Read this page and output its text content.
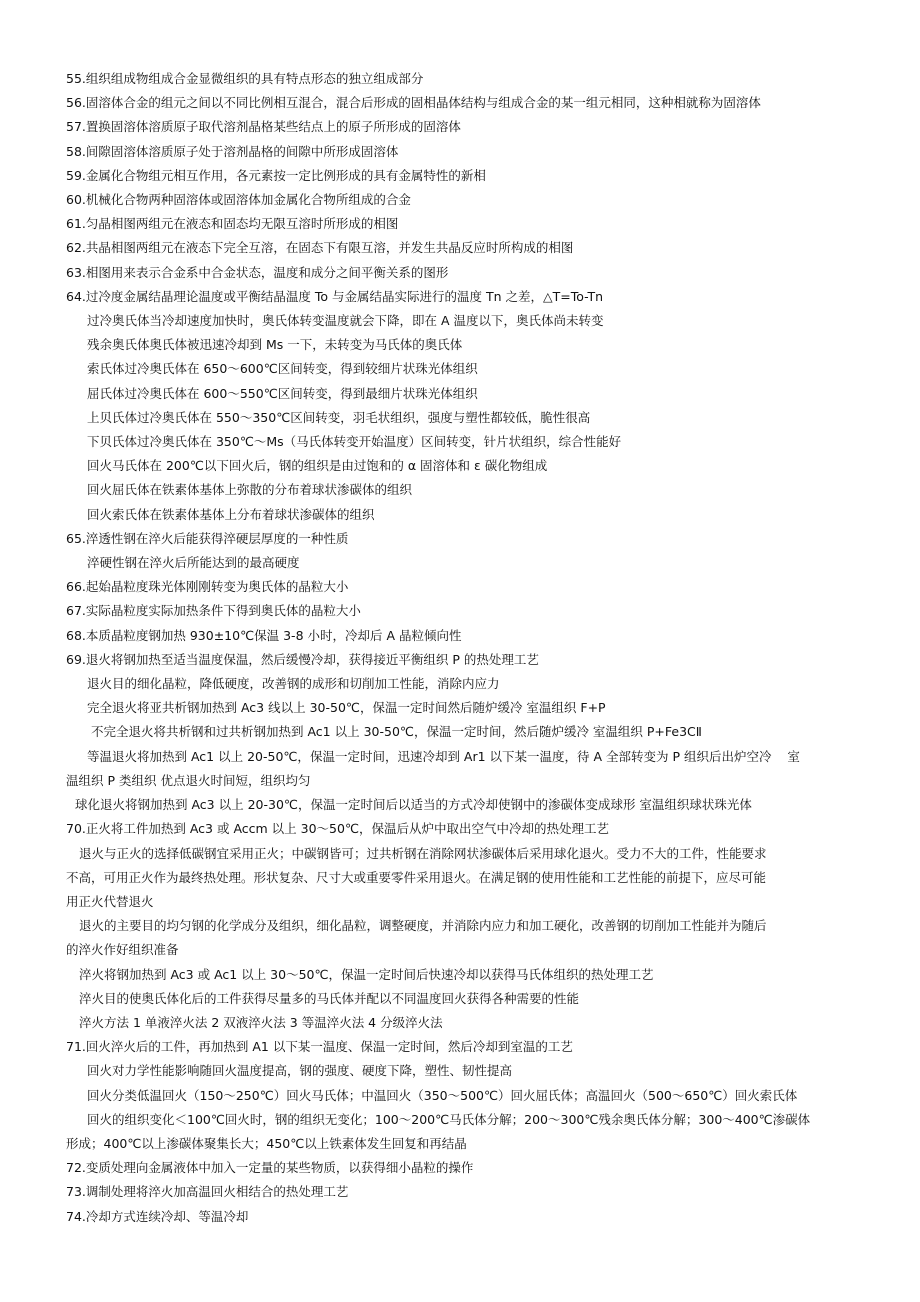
55.组织组成物组成合金显微组织的具有特点形态的独立组成部分

56.固溶体合金的组元之间以不同比例相互混合，混合后形成的固相晶体结构与组成合金的某一组元相同，这种相就称为固溶体

57.置换固溶体溶质原子取代溶剂晶格某些结点上的原子所形成的固溶体

58.间隙固溶体溶质原子处于溶剂晶格的间隙中所形成固溶体

59.金属化合物组元相互作用，各元素按一定比例形成的具有金属特性的新相

60.机械化合物两种固溶体或固溶体加金属化合物所组成的合金

61.匀晶相图两组元在液态和固态均无限互溶时所形成的相图

62.共晶相图两组元在液态下完全互溶，在固态下有限互溶，并发生共晶反应时所构成的相图

63.相图用来表示合金系中合金状态，温度和成分之间平衡关系的图形

64.过冷度金属结晶理论温度或平衡结晶温度 To 与金属结晶实际进行的温度 Tn 之差，△T=To-Tn

过冷奥氏体当冷却速度加快时，奥氏体转变温度就会下降，即在 A 温度以下，奥氏体尚未转变

残余奥氏体奥氏体被迅速冷却到 Ms 一下，未转变为马氏体的奥氏体

索氏体过冷奥氏体在 650～600℃区间转变，得到较细片状珠光体组织

屈氏体过冷奥氏体在 600～550℃区间转变，得到最细片状珠光体组织

上贝氏体过冷奥氏体在 550～350℃区间转变，羽毛状组织，强度与塑性都较低，脆性很高

下贝氏体过冷奥氏体在 350℃～Ms（马氏体转变开始温度）区间转变，针片状组织，综合性能好

回火马氏体在 200℃以下回火后，钢的组织是由过饱和的 α 固溶体和 ε 碳化物组成

回火屈氏体在铁素体基体上弥散的分布着球状渗碳体的组织

回火索氏体在铁素体基体上分布着球状渗碳体的组织

65.淬透性钢在淬火后能获得淬硬层厚度的一种性质

淬硬性钢在淬火后所能达到的最高硬度

66.起始晶粒度珠光体刚刚转变为奥氏体的晶粒大小

67.实际晶粒度实际加热条件下得到奥氏体的晶粒大小

68.本质晶粒度钢加热 930±10℃保温 3-8 小时，冷却后 A 晶粒倾向性

69.退火将钢加热至适当温度保温，然后缓慢冷却，获得接近平衡组织 P 的热处理工艺

退火目的细化晶粒，降低硬度，改善钢的成形和切削加工性能，消除内应力

完全退火将亚共析钢加热到 Ac3 线以上 30-50℃，保温一定时间然后随炉缓冷 室温组织 F+P

不完全退火将共析钢和过共析钢加热到 Ac1 以上 30-50℃，保温一定时间，然后随炉缓冷 室温组织 P+Fe3CⅡ

等温退火将加热到 Ac1 以上 20-50℃，保温一定时间，迅速冷却到 Ar1 以下某一温度，待 A 全部转变为 P 组织后出炉空冷    室

温组织 P 类组织 优点退火时间短，组织均匀

球化退火将钢加热到 Ac3 以上 20-30℃，保温一定时间后以适当的方式冷却使钢中的渗碳体变成球形 室温组织球状珠光体

70.正火将工件加热到 Ac3 或 Accm 以上 30～50℃，保温后从炉中取出空气中冷却的热处理工艺

退火与正火的选择低碳钢宜采用正火；中碳钢皆可；过共析钢在消除网状渗碳体后采用球化退火。受力不大的工件，性能要求

不高，可用正火作为最终热处理。形状复杂、尺寸大或重要零件采用退火。在满足钢的使用性能和工艺性能的前提下，应尽可能

用正火代替退火

退火的主要目的均匀钢的化学成分及组织，细化晶粒，调整硬度，并消除内应力和加工硬化，改善钢的切削加工性能并为随后

的淬火作好组织准备

淬火将钢加热到 Ac3 或 Ac1 以上 30～50℃，保温一定时间后快速冷却以获得马氏体组织的热处理工艺

淬火目的使奥氏体化后的工件获得尽量多的马氏体并配以不同温度回火获得各种需要的性能

淬火方法 1 单液淬火法 2 双液淬火法 3 等温淬火法 4 分级淬火法

71.回火淬火后的工件，再加热到 A1 以下某一温度、保温一定时间，然后冷却到室温的工艺

回火对力学性能影响随回火温度提高，钢的强度、硬度下降，塑性、韧性提高

回火分类低温回火（150～250℃）回火马氏体；中温回火（350～500℃）回火屈氏体；高温回火（500～650℃）回火索氏体

回火的组织变化＜100℃回火时，钢的组织无变化；100～200℃马氏体分解；200～300℃残余奥氏体分解；300～400℃渗碳体

形成；400℃以上渗碳体聚集长大；450℃以上铁素体发生回复和再结晶

72.变质处理向金属液体中加入一定量的某些物质，以获得细小晶粒的操作

73.调制处理将淬火加高温回火相结合的热处理工艺

74.冷却方式连续冷却、等温冷却
